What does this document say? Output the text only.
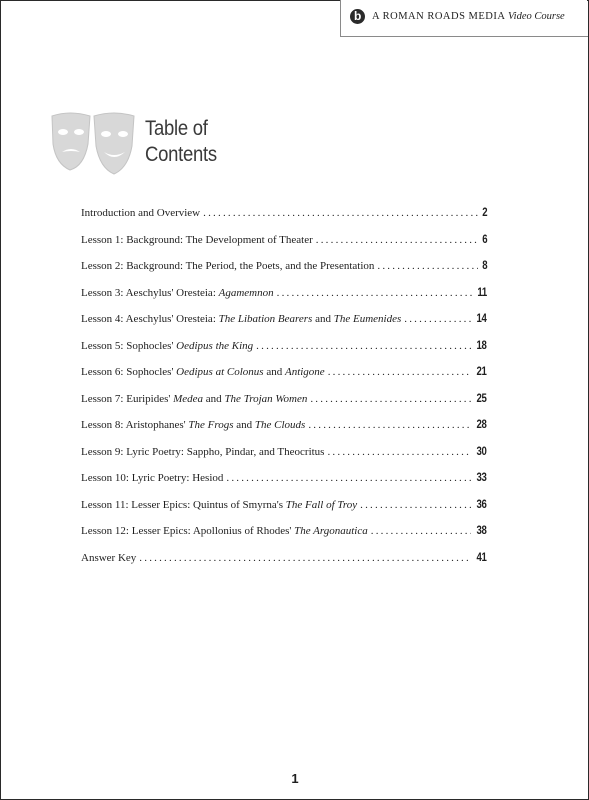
b A ROMAN ROADS MEDIA Video Course
Table of
Contents
Introduction and Overview .....	2
Lesson 1: Background: The Development of Theater .....	6
Lesson 2: Background: The Period, the Poets, and the Presentation .....	8
Lesson 3: Aeschylus' Oresteia: Agamemnon .....	11
Lesson 4: Aeschylus' Oresteia: The Libation Bearers and The Eumenides .....	14
Lesson 5: Sophocles' Oedipus the King .....	18
Lesson 6: Sophocles' Oedipus at Colonus and Antigone .....	21
Lesson 7: Euripides' Medea and The Trojan Women .....	25
Lesson 8: Aristophanes' The Frogs and The Clouds .....	28
Lesson 9: Lyric Poetry: Sappho, Pindar, and Theocritus .....	30
Lesson 10: Lyric Poetry: Hesiod .....	33
Lesson 11: Lesser Epics: Quintus of Smyrna's The Fall of Troy .....	36
Lesson 12: Lesser Epics: Apollonius of Rhodes' The Argonautica .....	38
Answer Key .....	41
1
